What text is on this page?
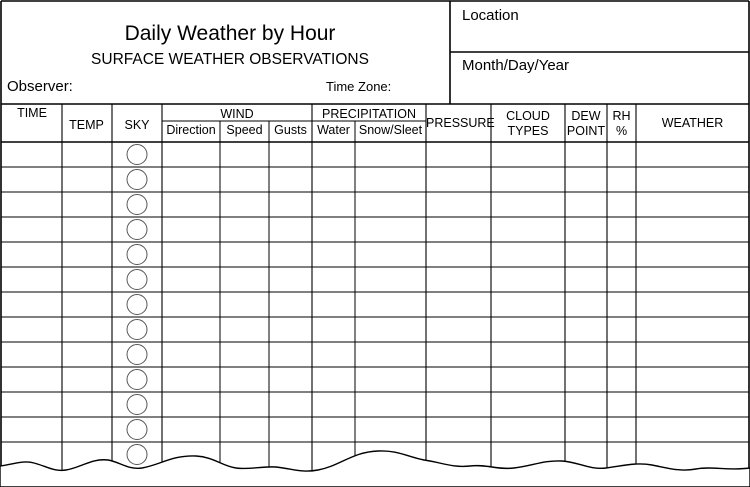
Daily Weather by Hour
SURFACE WEATHER OBSERVATIONS
Observer:	Time Zone:
Location
Month/Day/Year
TIME
TEMP	SKY
WIND
Direction Speed Gusts
PRECIPITATION
Water Snow/Sleet PRESSURE CLOUD
TYPES
DEW
POINT
RH
%
WEATHER
